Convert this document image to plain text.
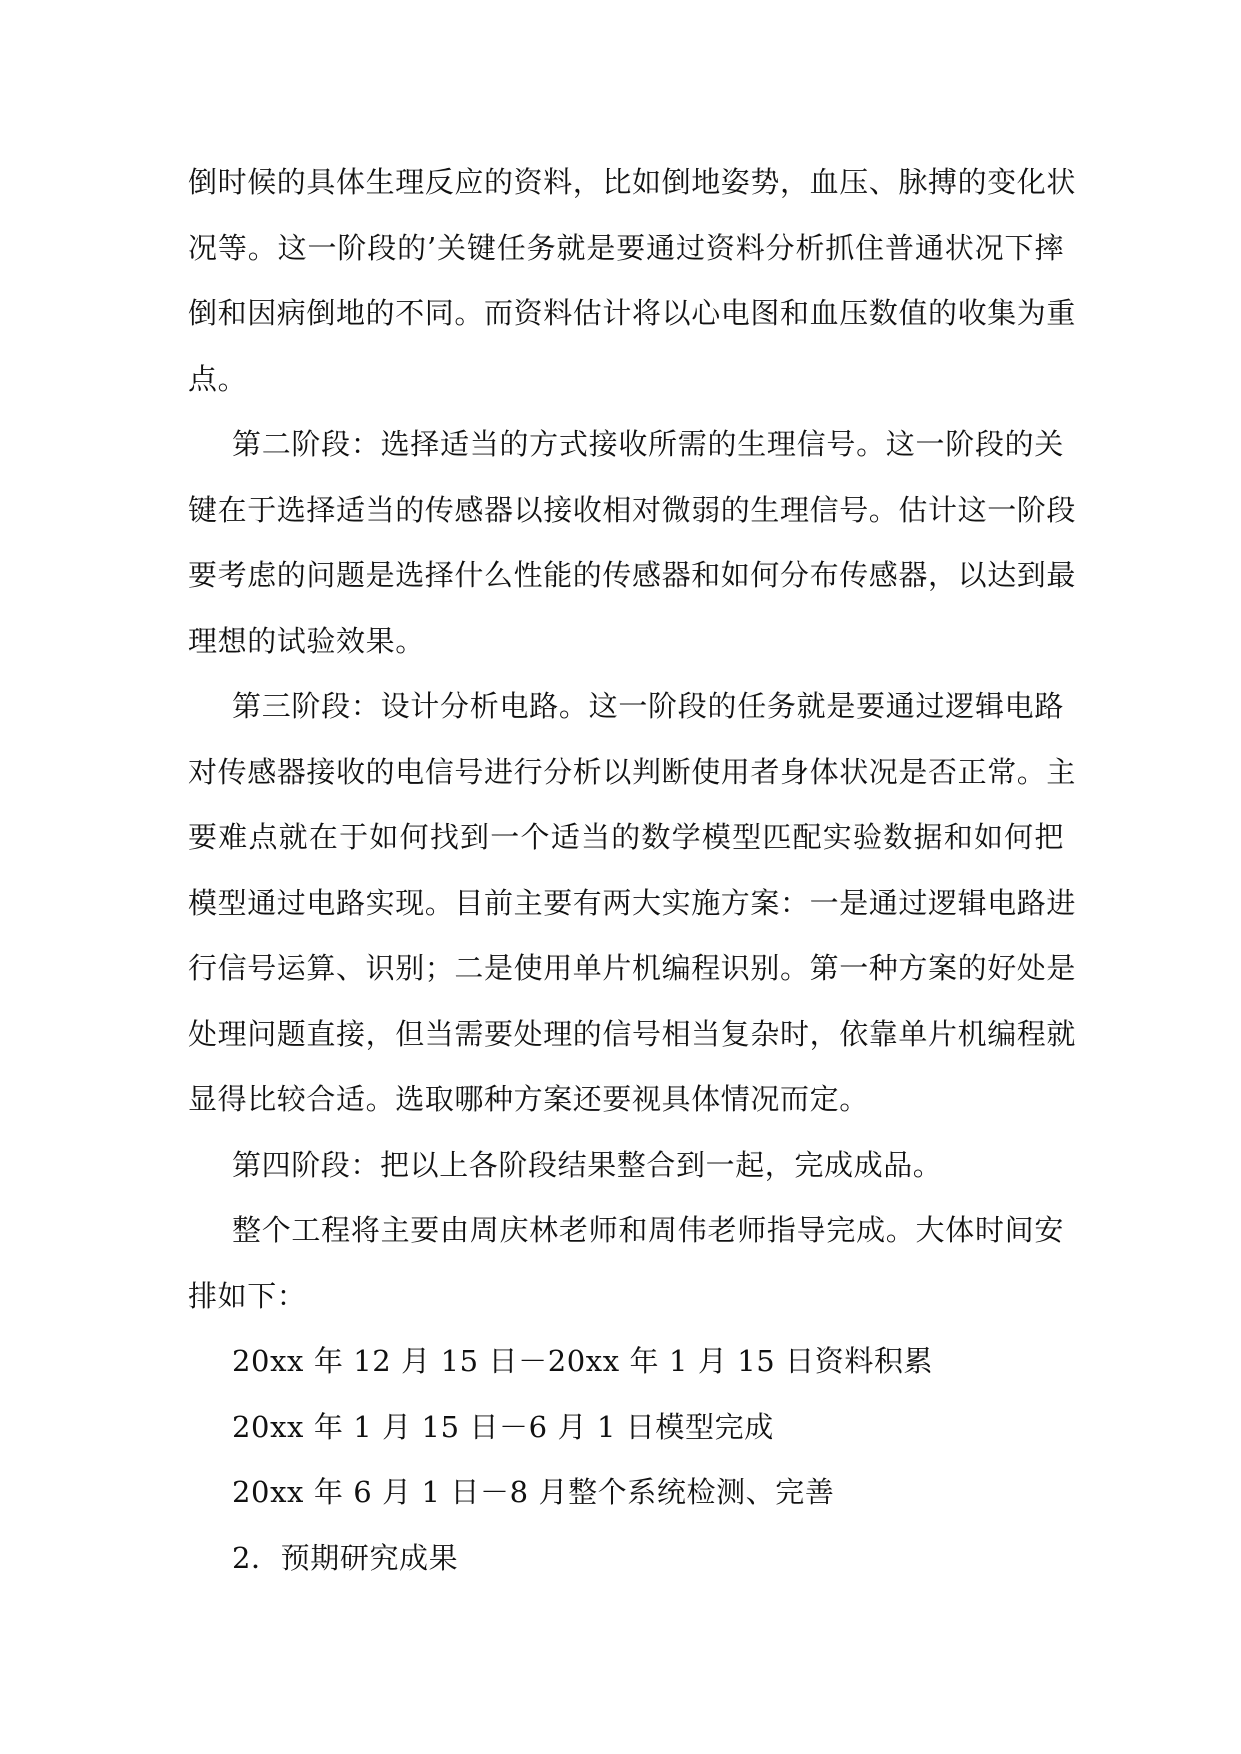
倒时候的具体生理反应的资料，比如倒地姿势，血压、脉搏的变化状
况等。这一阶段的’关键任务就是要通过资料分析抓住普通状况下摔
倒和因病倒地的不同。而资料估计将以心电图和血压数值的收集为重
点。

第二阶段：选择适当的方式接收所需的生理信号。这一阶段的关
键在于选择适当的传感器以接收相对微弱的生理信号。估计这一阶段
要考虑的问题是选择什么性能的传感器和如何分布传感器，以达到最
理想的试验效果。

第三阶段：设计分析电路。这一阶段的任务就是要通过逻辑电路
对传感器接收的电信号进行分析以判断使用者身体状况是否正常。主
要难点就在于如何找到一个适当的数学模型匹配实验数据和如何把
模型通过电路实现。目前主要有两大实施方案：一是通过逻辑电路进
行信号运算、识别；二是使用单片机编程识别。第一种方案的好处是
处理问题直接，但当需要处理的信号相当复杂时，依靠单片机编程就
显得比较合适。选取哪种方案还要视具体情况而定。

第四阶段：把以上各阶段结果整合到一起，完成成品。

整个工程将主要由周庆林老师和周伟老师指导完成。大体时间安
排如下：

20xx 年 12 月 15 日－20xx 年 1 月 15 日资料积累

20xx 年 1 月 15 日－6 月 1 日模型完成

20xx 年 6 月 1 日－8 月整个系统检测、完善

2．预期研究成果
